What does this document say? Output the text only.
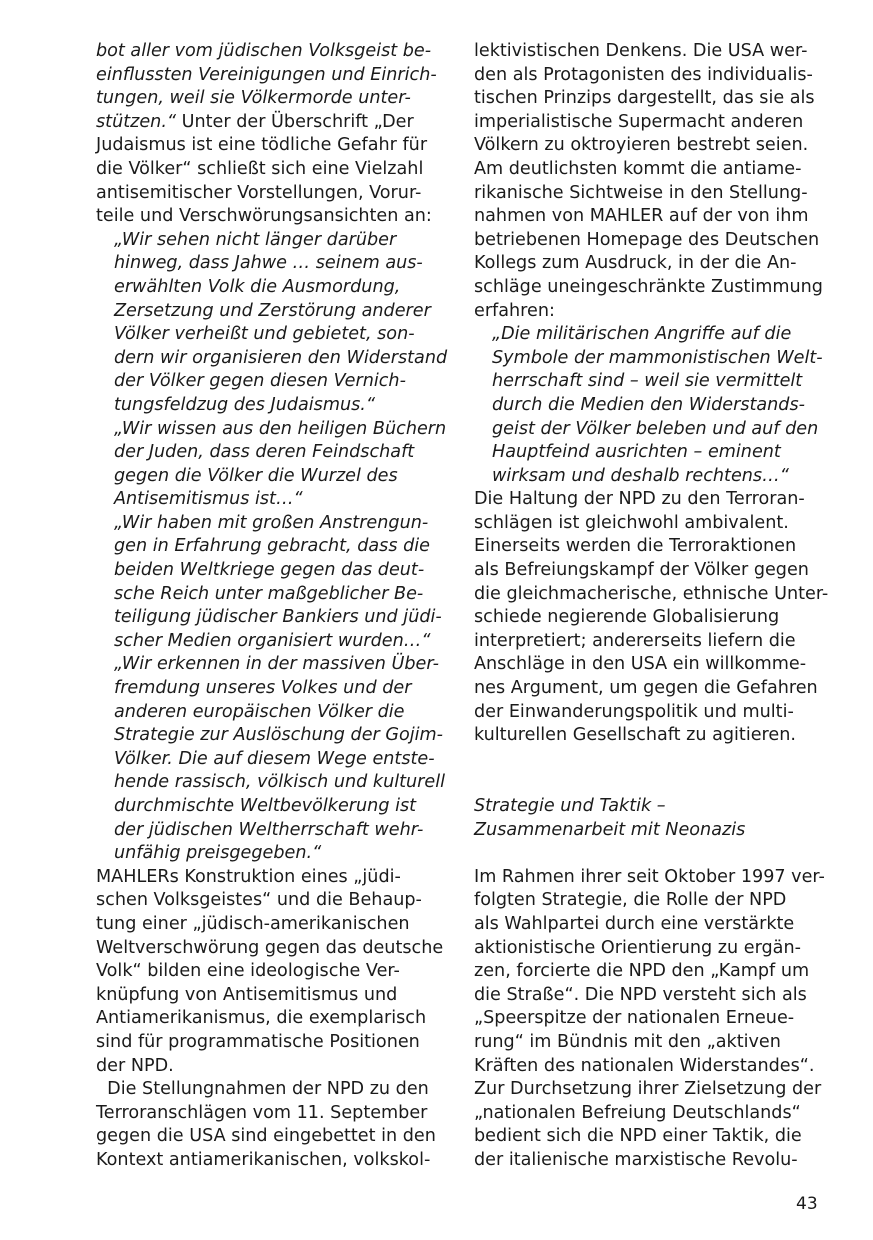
bot aller vom jüdischen Volksgeist be-
einflussten Vereinigungen und Einrich-
tungen, weil sie Völkermorde unter-
stützen.“ Unter der Überschrift „Der
Judaismus ist eine tödliche Gefahr für
die Völker“ schließt sich eine Vielzahl
antisemitischer Vorstellungen, Vorur-
teile und Verschwörungsansichten an:
„Wir sehen nicht länger darüber
hinweg, dass Jahwe … seinem aus-
erwählten Volk die Ausmordung,
Zersetzung und Zerstörung anderer
Völker verheißt und gebietet, son-
dern wir organisieren den Widerstand
der Völker gegen diesen Vernich-
tungsfeldzug des Judaismus.“
„Wir wissen aus den heiligen Büchern
der Juden, dass deren Feindschaft
gegen die Völker die Wurzel des
Antisemitismus ist…“
„Wir haben mit großen Anstrengun-
gen in Erfahrung gebracht, dass die
beiden Weltkriege gegen das deut-
sche Reich unter maßgeblicher Be-
teiligung jüdischer Bankiers und jüdi-
scher Medien organisiert wurden…“
„Wir erkennen in der massiven Über-
fremdung unseres Volkes und der
anderen europäischen Völker die
Strategie zur Auslöschung der Gojim-
Völker. Die auf diesem Wege entste-
hende rassisch, völkisch und kulturell
durchmischte Weltbevölkerung ist
der jüdischen Weltherrschaft wehr-
unfähig preisgegeben.“
MAHLERs Konstruktion eines „jüdi-
schen Volksgeistes“ und die Behaup-
tung einer „jüdisch-amerikanischen
Weltverschwörung gegen das deutsche
Volk“ bilden eine ideologische Ver-
knüpfung von Antisemitismus und
Antiamerikanismus, die exemplarisch
sind für programmatische Positionen
der NPD.
Die Stellungnahmen der NPD zu den
Terroranschlägen vom 11. September
gegen die USA sind eingebettet in den
Kontext antiamerikanischen, volkskol-
lektivistischen Denkens. Die USA wer-
den als Protagonisten des individualis-
tischen Prinzips dargestellt, das sie als
imperialistische Supermacht anderen
Völkern zu oktroyieren bestrebt seien.
Am deutlichsten kommt die antiame-
rikanische Sichtweise in den Stellung-
nahmen von MAHLER auf der von ihm
betriebenen Homepage des Deutschen
Kollegs zum Ausdruck, in der die An-
schläge uneingeschränkte Zustimmung
erfahren:
„Die militärischen Angriffe auf die
Symbole der mammonistischen Welt-
herrschaft sind – weil sie vermittelt
durch die Medien den Widerstands-
geist der Völker beleben und auf den
Hauptfeind ausrichten – eminent
wirksam und deshalb rechtens…“
Die Haltung der NPD zu den Terroran-
schlägen ist gleichwohl ambivalent.
Einerseits werden die Terroraktionen
als Befreiungskampf der Völker gegen
die gleichmacherische, ethnische Unter-
schiede negierende Globalisierung
interpretiert; andererseits liefern die
Anschläge in den USA ein willkomme-
nes Argument, um gegen die Gefahren
der Einwanderungspolitik und multi-
kulturellen Gesellschaft zu agitieren.
Strategie und Taktik –
Zusammenarbeit mit Neonazis
Im Rahmen ihrer seit Oktober 1997 ver-
folgten Strategie, die Rolle der NPD
als Wahlpartei durch eine verstärkte
aktionistische Orientierung zu ergän-
zen, forcierte die NPD den „Kampf um
die Straße“. Die NPD versteht sich als
„Speerspitze der nationalen Erneue-
rung“ im Bündnis mit den „aktiven
Kräften des nationalen Widerstandes“.
Zur Durchsetzung ihrer Zielsetzung der
„nationalen Befreiung Deutschlands“
bedient sich die NPD einer Taktik, die
der italienische marxistische Revolu-
43
